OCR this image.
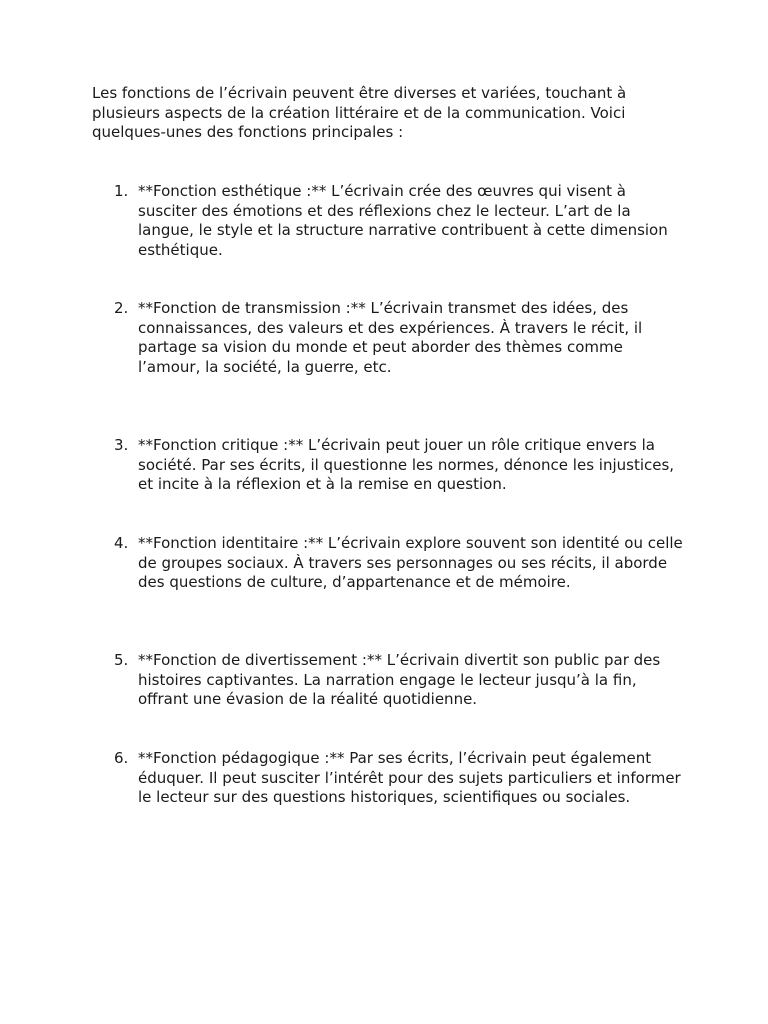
Les fonctions de l’écrivain peuvent être diverses et variées, touchant à plusieurs aspects de la création littéraire et de la communication. Voici quelques-unes des fonctions principales :

1. **Fonction esthétique :** L’écrivain crée des œuvres qui visent à susciter des émotions et des réflexions chez le lecteur. L’art de la langue, le style et la structure narrative contribuent à cette dimension esthétique.

2. **Fonction de transmission :** L’écrivain transmet des idées, des connaissances, des valeurs et des expériences. À travers le récit, il partage sa vision du monde et peut aborder des thèmes comme l’amour, la société, la guerre, etc.

3. **Fonction critique :** L’écrivain peut jouer un rôle critique envers la société. Par ses écrits, il questionne les normes, dénonce les injustices, et incite à la réflexion et à la remise en question.

4. **Fonction identitaire :** L’écrivain explore souvent son identité ou celle de groupes sociaux. À travers ses personnages ou ses récits, il aborde des questions de culture, d’appartenance et de mémoire.

5. **Fonction de divertissement :** L’écrivain divertit son public par des histoires captivantes. La narration engage le lecteur jusqu’à la fin, offrant une évasion de la réalité quotidienne.

6. **Fonction pédagogique :** Par ses écrits, l’écrivain peut également éduquer. Il peut susciter l’intérêt pour des sujets particuliers et informer le lecteur sur des questions historiques, scientifiques ou sociales.
